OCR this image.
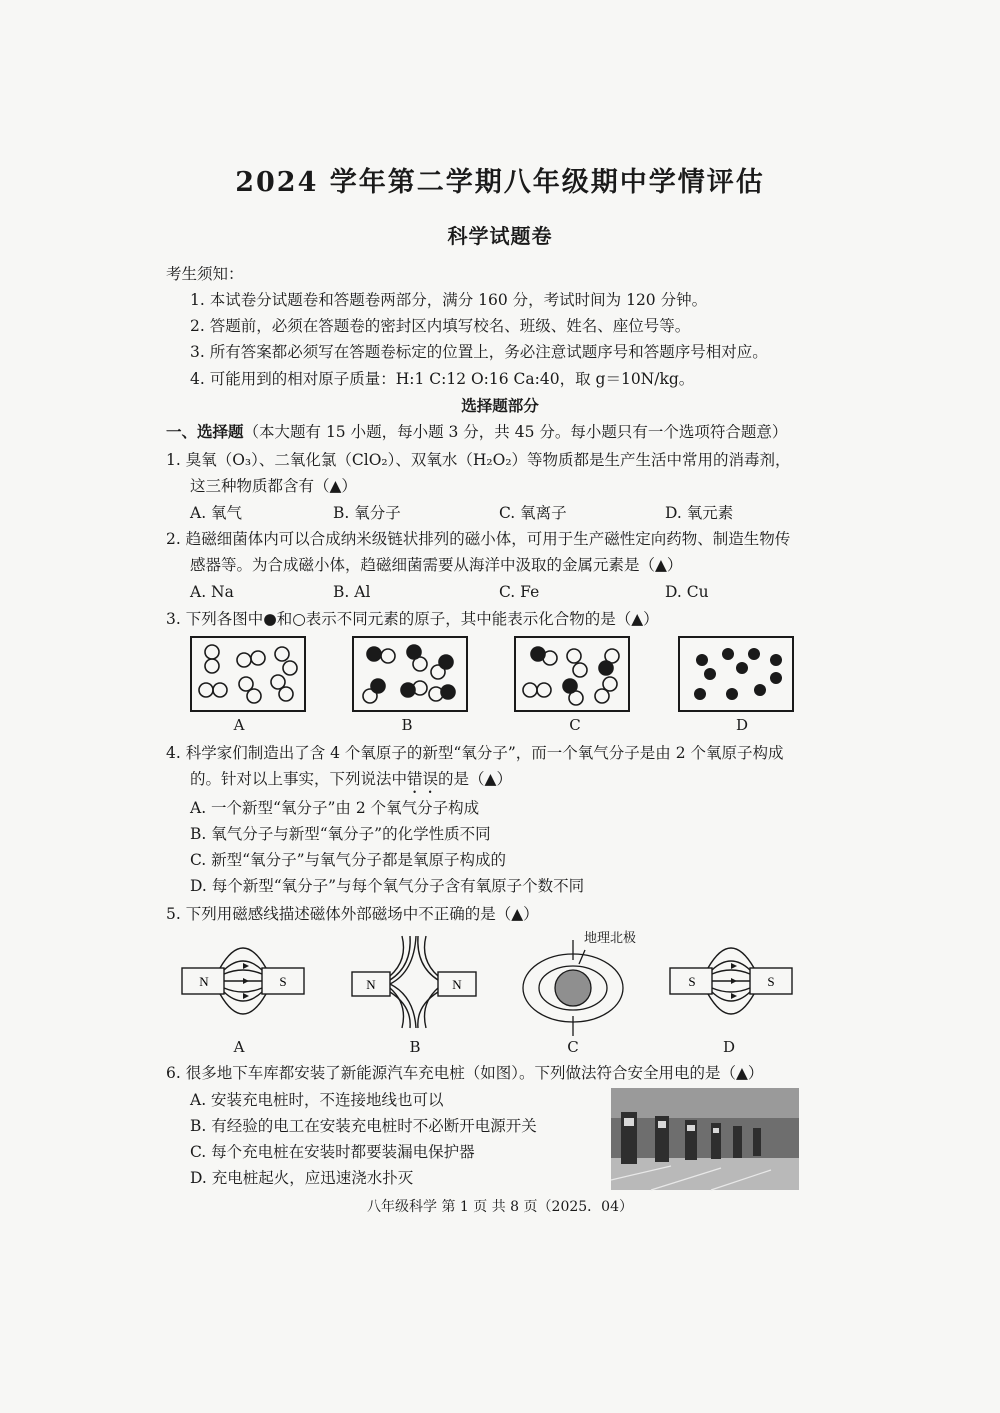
2024 学年第二学期八年级期中学情评估
科学试题卷
考生须知：
1. 本试卷分试题卷和答题卷两部分，满分 160 分，考试时间为 120 分钟。
2. 答题前，必须在答题卷的密封区内填写校名、班级、姓名、座位号等。
3. 所有答案都必须写在答题卷标定的位置上，务必注意试题序号和答题序号相对应。
4. 可能用到的相对原子质量：H:1 C:12 O:16 Ca:40，取 g＝10N/kg。
选择题部分
一、选择题（本大题有 15 小题，每小题 3 分，共 45 分。每小题只有一个选项符合题意）
1. 臭氧（O₃）、二氧化氯（ClO₂）、双氧水（H₂O₂）等物质都是生产生活中常用的消毒剂，
这三种物质都含有（▲）
A. 氧气	B. 氧分子	C. 氧离子	D. 氧元素
2. 趋磁细菌体内可以合成纳米级链状排列的磁小体，可用于生产磁性定向药物、制造生物传
感器等。为合成磁小体，趋磁细菌需要从海洋中汲取的金属元素是（▲）
A. Na	B. Al	C. Fe	D. Cu
3. 下列各图中●和○表示不同元素的原子，其中能表示化合物的是（▲）
A	B	C	D
4. 科学家们制造出了含 4 个氧原子的新型“氧分子”，而一个氧气分子是由 2 个氧原子构成
的。针对以上事实，下列说法中错误的是（▲）
A. 一个新型“氧分子”由 2 个氧气分子构成
B. 氧气分子与新型“氧分子”的化学性质不同
C. 新型“氧分子”与氧气分子都是氧原子构成的
D. 每个新型“氧分子”与每个氧气分子含有氧原子个数不同
5. 下列用磁感线描述磁体外部磁场中不正确的是（▲）
N	S	N	N
地理北极
S	S
A	B	C	D
6. 很多地下车库都安装了新能源汽车充电桩（如图）。下列做法符合安全用电的是（▲）
A. 安装充电桩时，不连接地线也可以
B. 有经验的电工在安装充电桩时不必断开电源开关
C. 每个充电桩在安装时都要装漏电保护器
D. 充电桩起火，应迅速浇水扑灭
八年级科学 第 1 页 共 8 页（2025．04）
